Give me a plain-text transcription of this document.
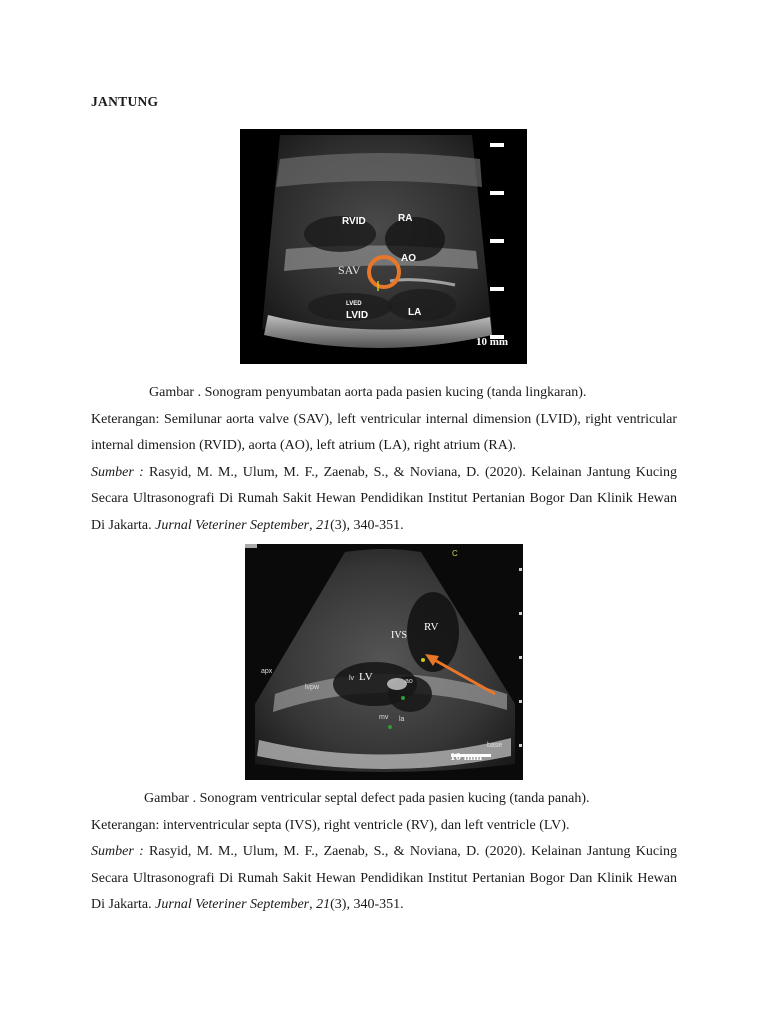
JANTUNG
RVID	RA
SAV
AO
LVED
LVID	LA
10 mm

Gambar . Sonogram penyumbatan aorta pada pasien kucing (tanda lingkaran).

Keterangan: Semilunar aorta valve (SAV), left ventricular internal dimension (LVID), right ventricular internal dimension (RVID), aorta (AO), left atrium (LA), right atrium (RA).

Sumber : Rasyid, M. M., Ulum, M. F., Zaenab, S., & Noviana, D. (2020). Kelainan Jantung Kucing Secara Ultrasonografi Di Rumah Sakit Hewan Pendidikan Institut Pertanian Bogor Dan Klinik Hewan Di Jakarta. Jurnal Veteriner September, 21(3), 340-351.

C
IVS
RV
apx
lv LV
lvpw
ao
mv la
base
10 mm

Gambar . Sonogram ventricular septal defect pada pasien kucing (tanda panah).

Keterangan: interventricular septa (IVS), right ventricle (RV), dan left ventricle (LV).

Sumber : Rasyid, M. M., Ulum, M. F., Zaenab, S., & Noviana, D. (2020). Kelainan Jantung Kucing Secara Ultrasonografi Di Rumah Sakit Hewan Pendidikan Institut Pertanian Bogor Dan Klinik Hewan Di Jakarta. Jurnal Veteriner September, 21(3), 340-351.
